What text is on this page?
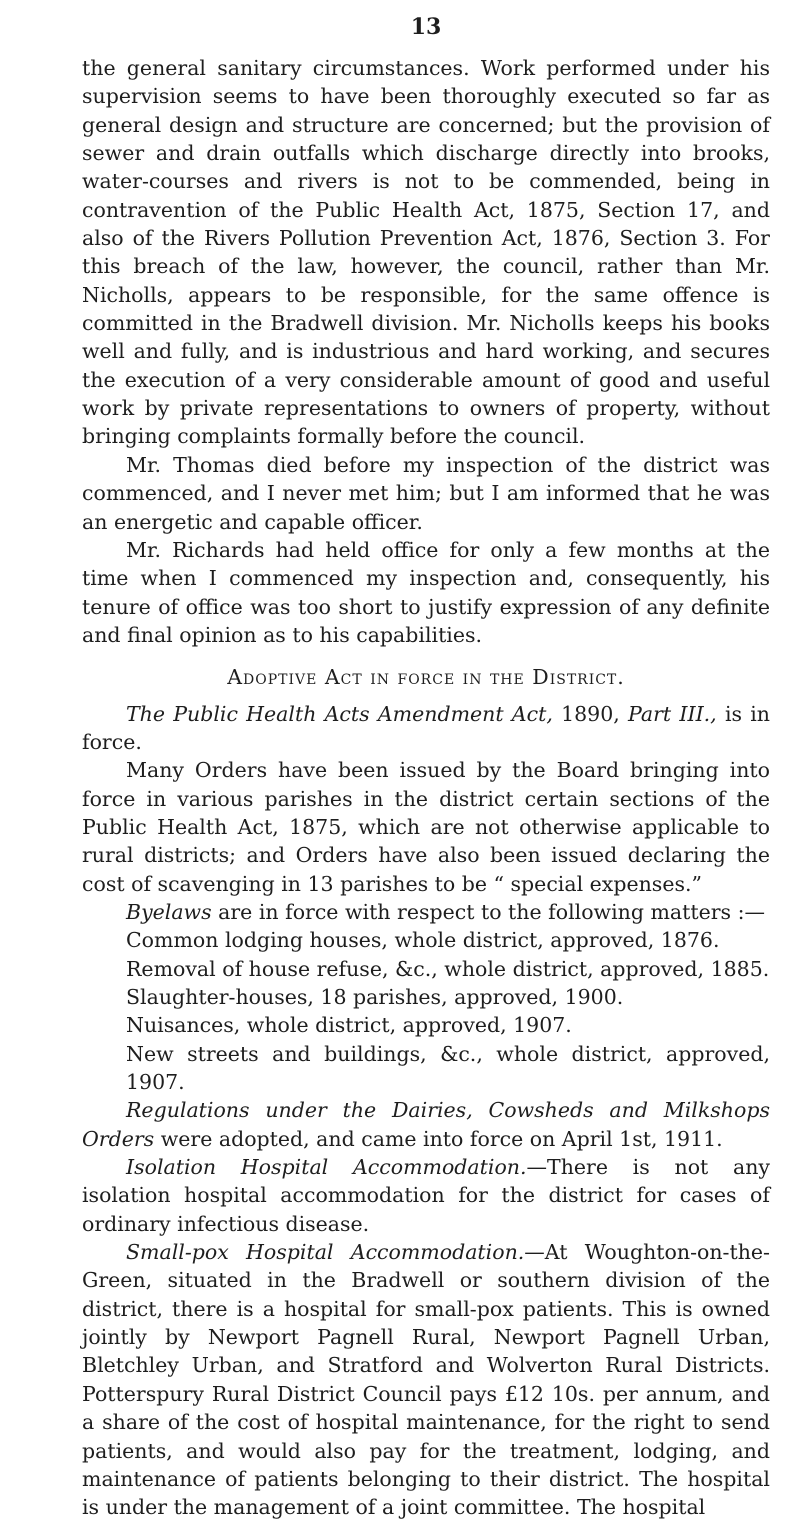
13

the general sanitary circumstances. Work performed under his supervision seems to have been thoroughly executed so far as general design and structure are concerned; but the provision of sewer and drain outfalls which discharge directly into brooks, water-courses and rivers is not to be commended, being in contravention of the Public Health Act, 1875, Section 17, and also of the Rivers Pollution Prevention Act, 1876, Section 3. For this breach of the law, however, the council, rather than Mr. Nicholls, appears to be responsible, for the same offence is committed in the Bradwell division. Mr. Nicholls keeps his books well and fully, and is industrious and hard working, and secures the execution of a very considerable amount of good and useful work by private representations to owners of property, without bringing complaints formally before the council.

Mr. Thomas died before my inspection of the district was commenced, and I never met him; but I am informed that he was an energetic and capable officer.

Mr. Richards had held office for only a few months at the time when I commenced my inspection and, consequently, his tenure of office was too short to justify expression of any definite and final opinion as to his capabilities.

Adoptive Act in force in the District.

The Public Health Acts Amendment Act, 1890, Part III., is in force.

Many Orders have been issued by the Board bringing into force in various parishes in the district certain sections of the Public Health Act, 1875, which are not otherwise applicable to rural districts; and Orders have also been issued declaring the cost of scavenging in 13 parishes to be “ special expenses.”

Byelaws are in force with respect to the following matters :—

Common lodging houses, whole district, approved, 1876.

Removal of house refuse, &c., whole district, approved, 1885.

Slaughter-houses, 18 parishes, approved, 1900.

Nuisances, whole district, approved, 1907.

New streets and buildings, &c., whole district, approved, 1907.

Regulations under the Dairies, Cowsheds and Milkshops Orders were adopted, and came into force on April 1st, 1911.

Isolation Hospital Accommodation.—There is not any isolation hospital accommodation for the district for cases of ordinary infectious disease.

Small-pox Hospital Accommodation.—At Woughton-on-the-Green, situated in the Bradwell or southern division of the district, there is a hospital for small-pox patients. This is owned jointly by Newport Pagnell Rural, Newport Pagnell Urban, Bletchley Urban, and Stratford and Wolverton Rural Districts. Potterspury Rural District Council pays £12 10s. per annum, and a share of the cost of hospital maintenance, for the right to send patients, and would also pay for the treatment, lodging, and maintenance of patients belonging to their district. The hospital is under the management of a joint committee. The hospital
